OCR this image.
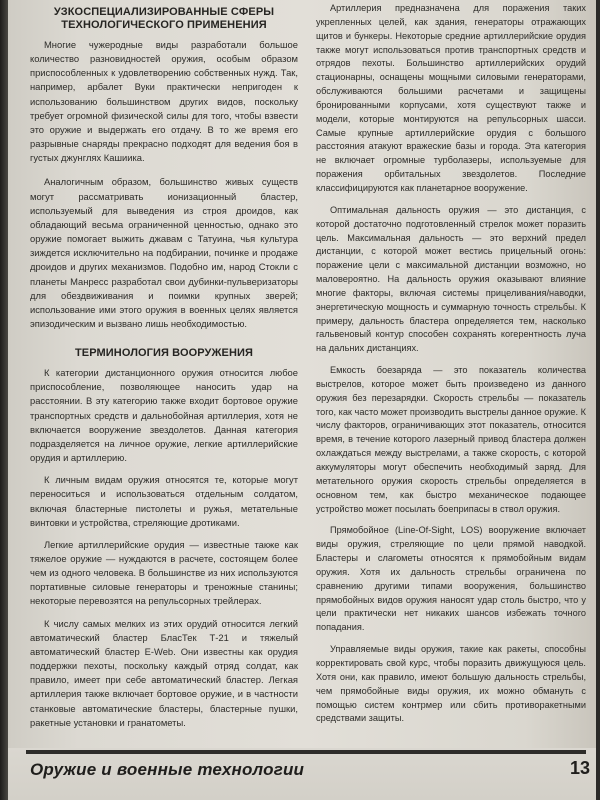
УЗКОСПЕЦИАЛИЗИРОВАННЫЕ СФЕРЫ
ТЕХНОЛОГИЧЕСКОГО ПРИМЕНЕНИЯ

Многие чужеродные виды разработали большое количество разновидностей оружия, особым образом приспособленных к удовлетворению собственных нужд. Так, например, арбалет Вуки практически непригоден к использованию большинством других видов, поскольку требует огромной физической силы для того, чтобы взвести это оружие и выдержать его отдачу. В то же время его разрывные снаряды прекрасно подходят для ведения боя в густых джунглях Кашиика.

Аналогичным образом, большинство живых существ могут рассматривать ионизационный бластер, используемый для выведения из строя дроидов, как обладающий весьма ограниченной ценностью, однако это оружие помогает выжить джавам с Татуина, чья культура зиждется исключительно на подбирании, починке и продаже дроидов и других механизмов. Подобно им, народ Стокли с планеты Манресс разработал свои дубинки-пульверизаторы для обездвиживания и поимки крупных зверей; использование ими этого оружия в военных целях является эпизодическим и вызвано лишь необходимостью.

ТЕРМИНОЛОГИЯ ВООРУЖЕНИЯ

К категории дистанционного оружия относится любое приспособление, позволяющее наносить удар на расстоянии. В эту категорию также входит бортовое оружие транспортных средств и дальнобойная артиллерия, хотя не включается вооружение звездолетов. Данная категория подразделяется на личное оружие, легкие артиллерийские орудия и артиллерию.

К личным видам оружия относятся те, которые могут переноситься и использоваться отдельным солдатом, включая бластерные пистолеты и ружья, метательные винтовки и устройства, стреляющие дротиками.

Легкие артиллерийские орудия — известные также как тяжелое оружие — нуждаются в расчете, состоящем более чем из одного человека. В большинстве из них используются портативные силовые генераторы и треножные станины; некоторые перевозятся на репульсорных трейлерах.

К числу самых мелких из этих орудий относится легкий автоматический бластер БласТек Т-21 и тяжелый автоматический бластер E-Web. Они известны как орудия поддержки пехоты, поскольку каждый отряд солдат, как правило, имеет при себе автоматический бластер. Легкая артиллерия также включает бортовое оружие, и в частности станковые автоматические бластеры, бластерные пушки, ракетные установки и гранатометы.

Артиллерия предназначена для поражения таких укрепленных целей, как здания, генераторы отражающих щитов и бункеры. Некоторые средние артиллерийские орудия также могут использоваться против транспортных средств и отрядов пехоты. Большинство артиллерийских орудий стационарны, оснащены мощными силовыми генераторами, обслуживаются большими расчетами и защищены бронированными корпусами, хотя существуют также и модели, которые монтируются на репульсорных шасси. Самые крупные артиллерийские орудия с большого расстояния атакуют вражеские базы и города. Эта категория не включает огромные турболазеры, используемые для поражения орбитальных звездолетов. Последние классифицируются как планетарное вооружение.

Оптимальная дальность оружия — это дистанция, с которой достаточно подготовленный стрелок может поразить цель. Максимальная дальность — это верхний предел дистанции, с которой может вестись прицельный огонь: поражение цели с максимальной дистанции возможно, но маловероятно. На дальность оружия оказывают влияние многие факторы, включая системы прицеливания/наводки, энергетическую мощность и суммарную точность стрельбы. К примеру, дальность бластера определяется тем, насколько гальвеновый контур способен сохранять когерентность луча на дальних дистанциях.

Емкость боезаряда — это показатель количества выстрелов, которое может быть произведено из данного оружия без перезарядки. Скорость стрельбы — показатель того, как часто может производить выстрелы данное оружие. К числу факторов, ограничивающих этот показатель, относится время, в течение которого лазерный привод бластера должен охлаждаться между выстрелами, а также скорость, с которой аккумуляторы могут обеспечить необходимый заряд. Для метательного оружия скорость стрельбы определяется в основном тем, как быстро механическое подающее устройство может посылать боеприпасы в ствол оружия.

Прямобойное (Line-Of-Sight, LOS) вооружение включает виды оружия, стреляющие по цели прямой наводкой. Бластеры и слагометы относятся к прямобойным видам оружия. Хотя их дальность стрельбы ограничена по сравнению другими типами вооружения, большинство прямобойных видов оружия наносят удар столь быстро, что у цели практически нет никаких шансов избежать точного попадания.

Управляемые виды оружия, такие как ракеты, способны корректировать свой курс, чтобы поразить движущуюся цель. Хотя они, как правило, имеют большую дальность стрельбы, чем прямобойные виды оружия, их можно обмануть с помощью систем контрмер или сбить противоракетными средствами защиты.

Оружие и военные технологии	13
